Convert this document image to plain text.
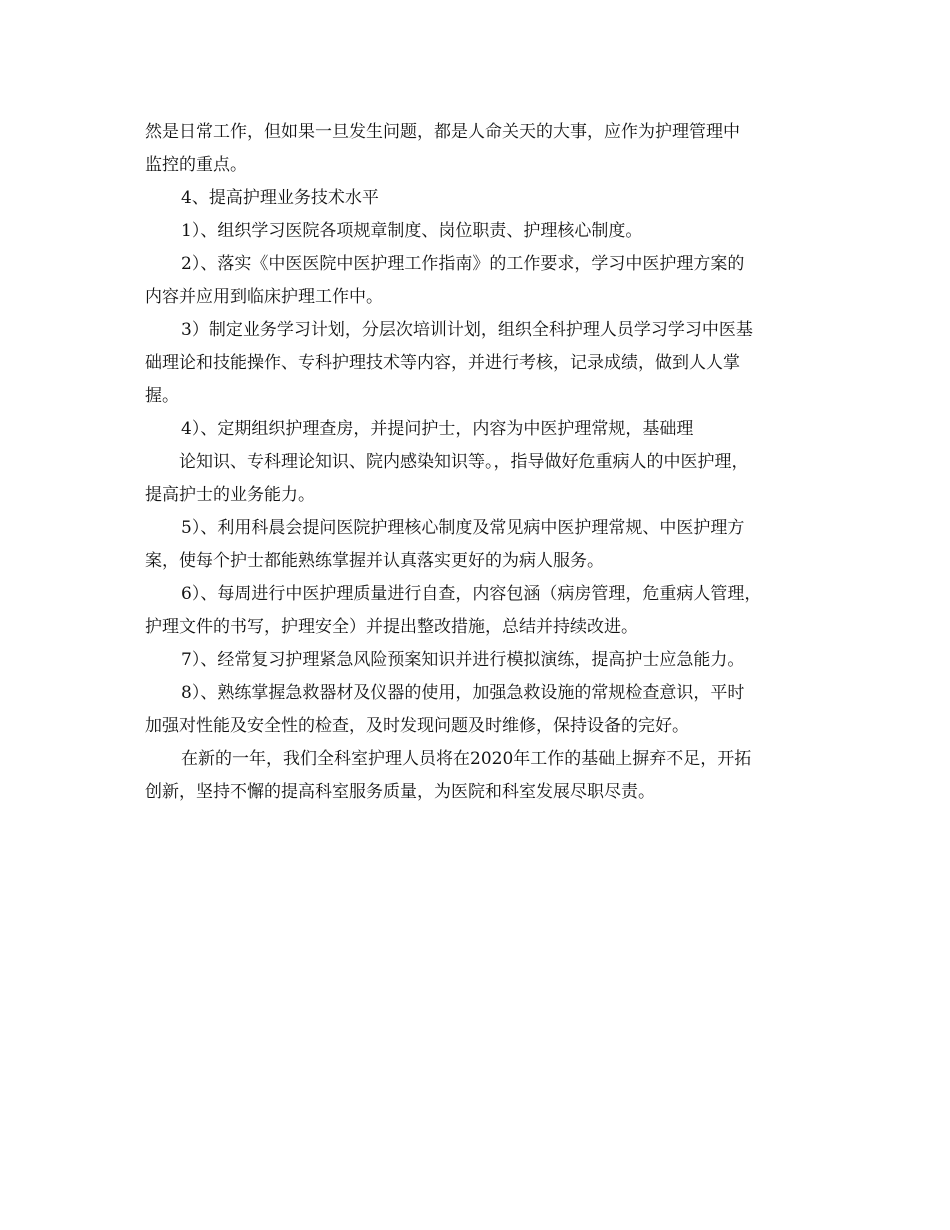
然是日常工作，但如果一旦发生问题，都是人命关天的大事，应作为护理管理中
监控的重点。
4、提高护理业务技术水平
1）、组织学习医院各项规章制度、岗位职责、护理核心制度。
2）、落实《中医医院中医护理工作指南》的工作要求，学习中医护理方案的
内容并应用到临床护理工作中。
3）制定业务学习计划，分层次培训计划，组织全科护理人员学习学习中医基
础理论和技能操作、专科护理技术等内容，并进行考核，记录成绩，做到人人掌
握。
4）、定期组织护理查房，并提问护士，内容为中医护理常规，基础理
论知识、专科理论知识、院内感染知识等。，指导做好危重病人的中医护理，
提高护士的业务能力。
5）、利用科晨会提问医院护理核心制度及常见病中医护理常规、中医护理方
案，使每个护士都能熟练掌握并认真落实更好的为病人服务。
6）、每周进行中医护理质量进行自查，内容包涵（病房管理，危重病人管理，
护理文件的书写，护理安全）并提出整改措施，总结并持续改进。
7）、经常复习护理紧急风险预案知识并进行模拟演练，提高护士应急能力。
8）、熟练掌握急救器材及仪器的使用，加强急救设施的常规检查意识，平时
加强对性能及安全性的检查，及时发现问题及时维修，保持设备的完好。
在新的一年，我们全科室护理人员将在2020年工作的基础上摒弃不足，开拓
创新，坚持不懈的提高科室服务质量，为医院和科室发展尽职尽责。
